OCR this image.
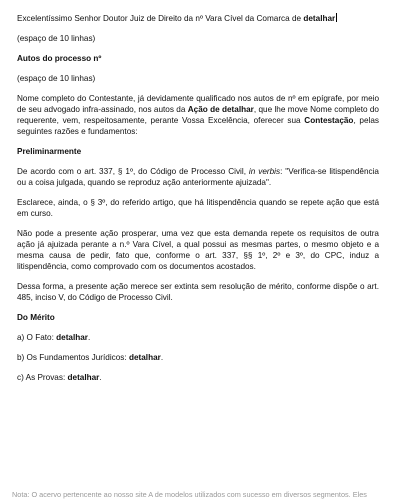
Excelentíssimo Senhor Doutor Juiz de Direito da nº Vara Cível da Comarca de detalhar

(espaço de 10 linhas)

Autos do processo nº

(espaço de 10 linhas)

Nome completo do Contestante, já devidamente qualificado nos autos de nº em epígrafe, por meio de seu advogado infra-assinado, nos autos da Ação de detalhar, que lhe move Nome completo do requerente, vem, respeitosamente, perante Vossa Excelência, oferecer sua Contestação, pelas seguintes razões e fundamentos:

Preliminarmente

De acordo com o art. 337, § 1º, do Código de Processo Civil, in verbis: "Verifica-se litispendência ou a coisa julgada, quando se reproduz ação anteriormente ajuizada".

Esclarece, ainda, o § 3º, do referido artigo, que há litispendência quando se repete ação que está em curso.

Não pode a presente ação prosperar, uma vez que esta demanda repete os requisitos de outra ação já ajuizada perante a n.º Vara Cível, a qual possui as mesmas partes, o mesmo objeto e a mesma causa de pedir, fato que, conforme o art. 337, §§ 1º, 2º e 3º, do CPC, induz a litispendência, como comprovado com os documentos acostados.

Dessa forma, a presente ação merece ser extinta sem resolução de mérito, conforme dispõe o art. 485, inciso V, do Código de Processo Civil.

Do Mérito

a) O Fato: detalhar.

b) Os Fundamentos Jurídicos: detalhar.

c) As Provas: detalhar.

Nota: O acervo pertencente ao nosso site A de modelos utilizados com sucesso em diversos segmentos. Eles
